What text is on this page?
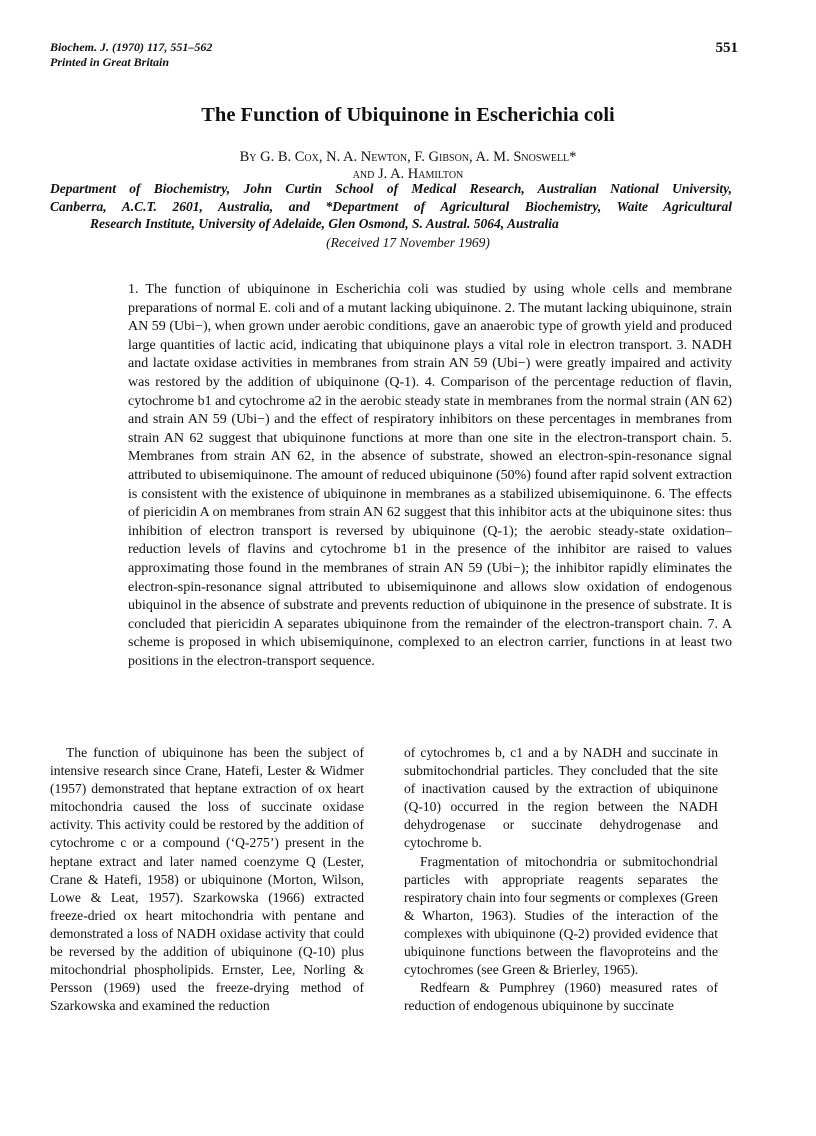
Biochem. J. (1970) 117, 551–562
Printed in Great Britain
551
The Function of Ubiquinone in Escherichia coli
By G. B. Cox, N. A. Newton, F. Gibson, A. M. Snoswell*
and J. A. Hamilton

Department of Biochemistry, John Curtin School of Medical Research, Australian National University,

Canberra, A.C.T. 2601, Australia, and *Department of Agricultural Biochemistry, Waite Agricultural

Research Institute, University of Adelaide, Glen Osmond, S. Austral. 5064, Australia

(Received 17 November 1969)

1. The function of ubiquinone in Escherichia coli was studied by using whole cells and membrane preparations of normal E. coli and of a mutant lacking ubiquinone. 2. The mutant lacking ubiquinone, strain AN 59 (Ubi−), when grown under aerobic conditions, gave an anaerobic type of growth yield and produced large quantities of lactic acid, indicating that ubiquinone plays a vital role in electron transport. 3. NADH and lactate oxidase activities in membranes from strain AN 59 (Ubi−) were greatly impaired and activity was restored by the addition of ubiquinone (Q-1). 4. Comparison of the percentage reduction of flavin, cytochrome b1 and cytochrome a2 in the aerobic steady state in membranes from the normal strain (AN 62) and strain AN 59 (Ubi−) and the effect of respiratory inhibitors on these percentages in membranes from strain AN 62 suggest that ubiquinone functions at more than one site in the electron-transport chain. 5. Membranes from strain AN 62, in the absence of substrate, showed an electron-spin-resonance signal attributed to ubisemiquinone. The amount of reduced ubiquinone (50%) found after rapid solvent extraction is consistent with the existence of ubiquinone in membranes as a stabilized ubisemiquinone. 6. The effects of piericidin A on membranes from strain AN 62 suggest that this inhibitor acts at the ubiquinone sites: thus inhibition of electron transport is reversed by ubiquinone (Q-1); the aerobic steady-state oxidation–reduction levels of flavins and cytochrome b1 in the presence of the inhibitor are raised to values approximating those found in the membranes of strain AN 59 (Ubi−); the inhibitor rapidly eliminates the electron-spin-resonance signal attributed to ubisemiquinone and allows slow oxidation of endogenous ubiquinol in the absence of substrate and prevents reduction of ubiquinone in the presence of substrate. It is concluded that piericidin A separates ubiquinone from the remainder of the electron-transport chain. 7. A scheme is proposed in which ubisemiquinone, complexed to an electron carrier, functions in at least two positions in the electron-transport sequence.

The function of ubiquinone has been the subject of intensive research since Crane, Hatefi, Lester & Widmer (1957) demonstrated that heptane extraction of ox heart mitochondria caused the loss of succinate oxidase activity. This activity could be restored by the addition of cytochrome c or a compound (‘Q-275’) present in the heptane extract and later named coenzyme Q (Lester, Crane & Hatefi, 1958) or ubiquinone (Morton, Wilson, Lowe & Leat, 1957). Szarkowska (1966) extracted freeze-dried ox heart mitochondria with pentane and demonstrated a loss of NADH oxidase activity that could be reversed by the addition of ubiquinone (Q-10) plus mitochondrial phospholipids. Ernster, Lee, Norling & Persson (1969) used the freeze-drying method of Szarkowska and examined the reduction

of cytochromes b, c1 and a by NADH and succinate in submitochondrial particles. They concluded that the site of inactivation caused by the extraction of ubiquinone (Q-10) occurred in the region between the NADH dehydrogenase or succinate dehydrogenase and cytochrome b.

Fragmentation of mitochondria or submitochondrial particles with appropriate reagents separates the respiratory chain into four segments or complexes (Green & Wharton, 1963). Studies of the interaction of the complexes with ubiquinone (Q-2) provided evidence that ubiquinone functions between the flavoproteins and the cytochromes (see Green & Brierley, 1965).

Redfearn & Pumphrey (1960) measured rates of reduction of endogenous ubiquinone by succinate
